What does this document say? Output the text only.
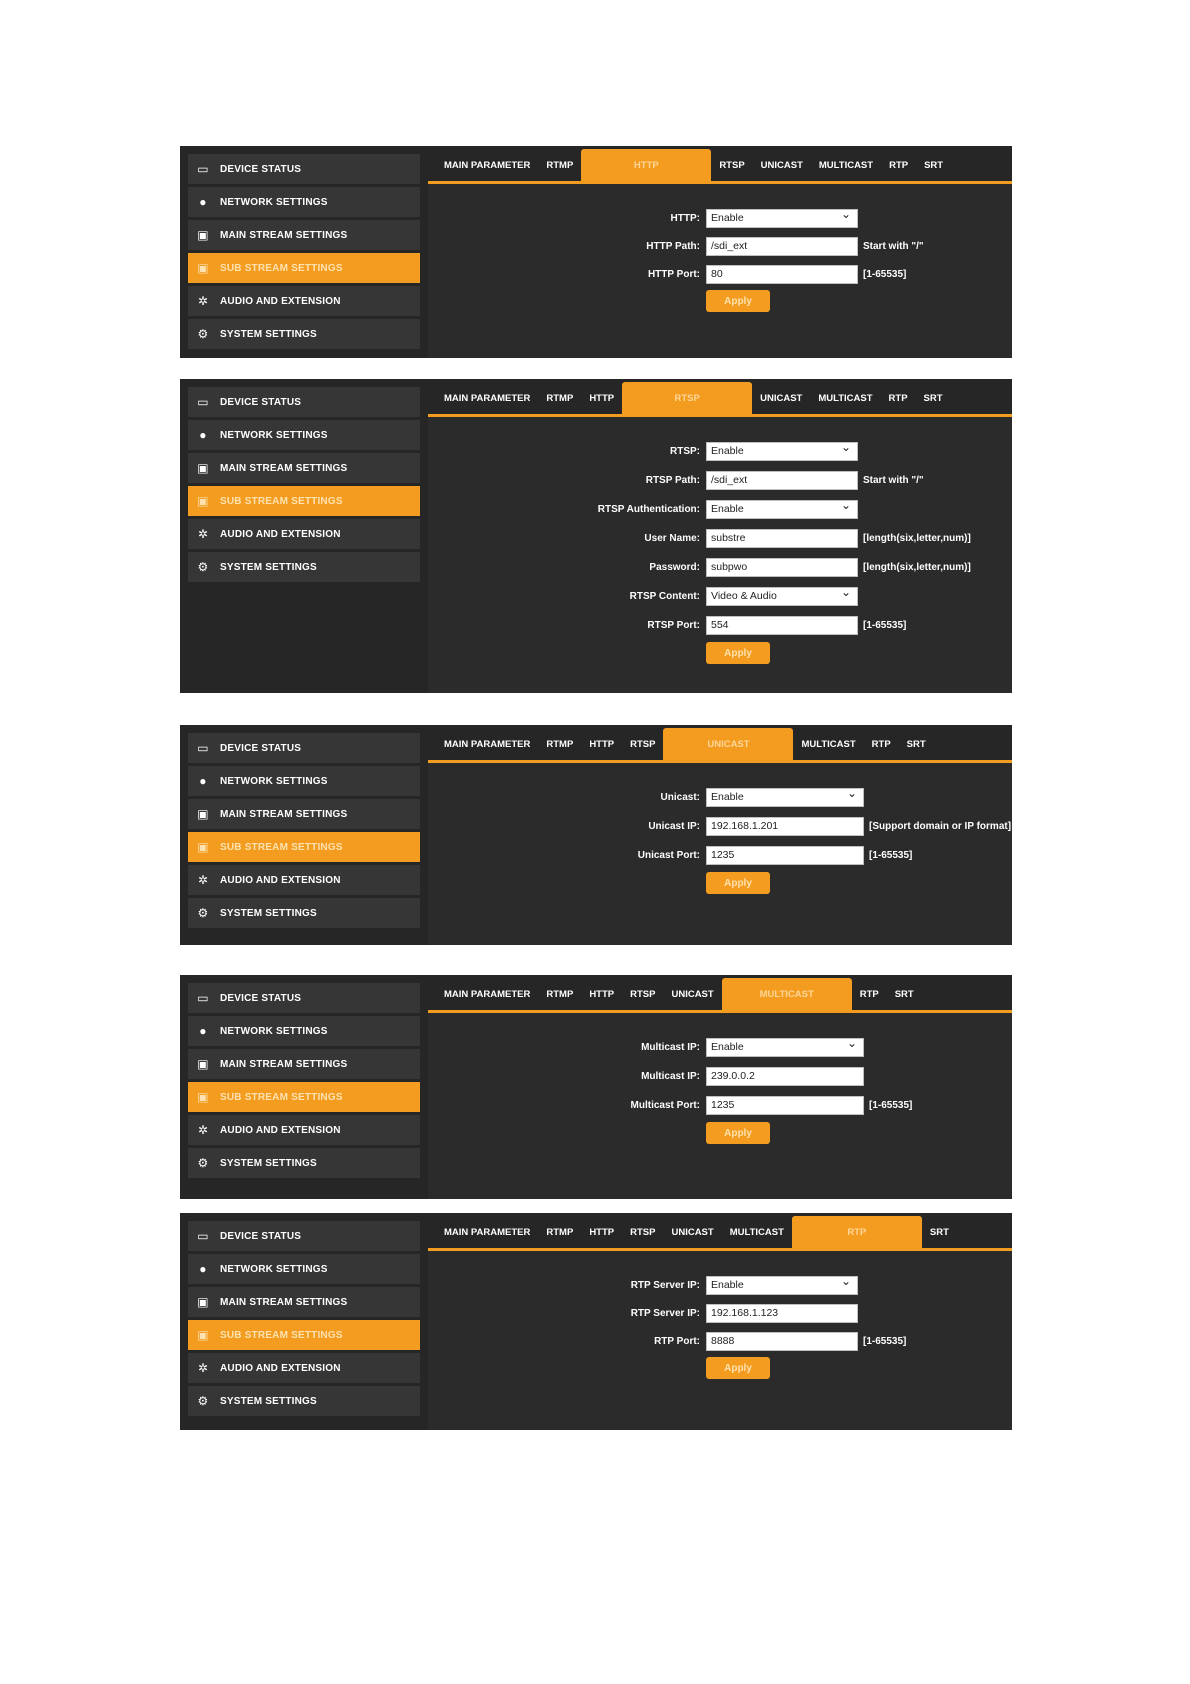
▭ DEVICE STATUS
●	NETWORK SETTINGS
▣ MAIN STREAM SETTINGS
▣ SUB STREAM SETTINGS
✲ AUDIO AND EXTENSION
⚙ SYSTEM SETTINGS
MAIN PARAMETER	RTMP	HTTP	RTSP	UNICAST	MULTICAST	RTP	SRT
HTTP:	Enable ⌄
HTTP Path:	/sdi_ext	Start with "/"
HTTP Port:	80	[1-65535]
Apply
▭ DEVICE STATUS
●	NETWORK SETTINGS
▣ MAIN STREAM SETTINGS
▣ SUB STREAM SETTINGS
✲ AUDIO AND EXTENSION
⚙ SYSTEM SETTINGS
MAIN PARAMETER	RTMP	HTTP	RTSP	UNICAST	MULTICAST	RTP	SRT
RTSP:	Enable ⌄
RTSP Path:	/sdi_ext	Start with "/"
RTSP Authentication:	Enable ⌄
User Name:	substre	[length(six,letter,num)]
Password:	subpwo	[length(six,letter,num)]
RTSP Content:	Video & Audio ⌄
RTSP Port:	554	[1-65535]
Apply
▭ DEVICE STATUS
●	NETWORK SETTINGS
▣ MAIN STREAM SETTINGS
▣ SUB STREAM SETTINGS
✲ AUDIO AND EXTENSION
⚙ SYSTEM SETTINGS
MAIN PARAMETER	RTMP	HTTP	RTSP	UNICAST	MULTICAST	RTP	SRT
Unicast:	Enable ⌄
Unicast IP:	192.168.1.201	[Support domain or IP format]
Unicast Port:	1235	[1-65535]
Apply
▭ DEVICE STATUS
●	NETWORK SETTINGS
▣ MAIN STREAM SETTINGS
▣ SUB STREAM SETTINGS
✲ AUDIO AND EXTENSION
⚙ SYSTEM SETTINGS
MAIN PARAMETER	RTMP	HTTP	RTSP	UNICAST	MULTICAST	RTP	SRT
Multicast IP:	Enable ⌄
Multicast IP:	239.0.0.2
Multicast Port:	1235	[1-65535]
Apply
▭ DEVICE STATUS
●	NETWORK SETTINGS
▣ MAIN STREAM SETTINGS
▣ SUB STREAM SETTINGS
✲ AUDIO AND EXTENSION
⚙ SYSTEM SETTINGS
MAIN PARAMETER	RTMP	HTTP	RTSP	UNICAST	MULTICAST	RTP	SRT
RTP Server IP:	Enable ⌄
RTP Server IP:	192.168.1.123
RTP Port:	8888	[1-65535]
Apply
